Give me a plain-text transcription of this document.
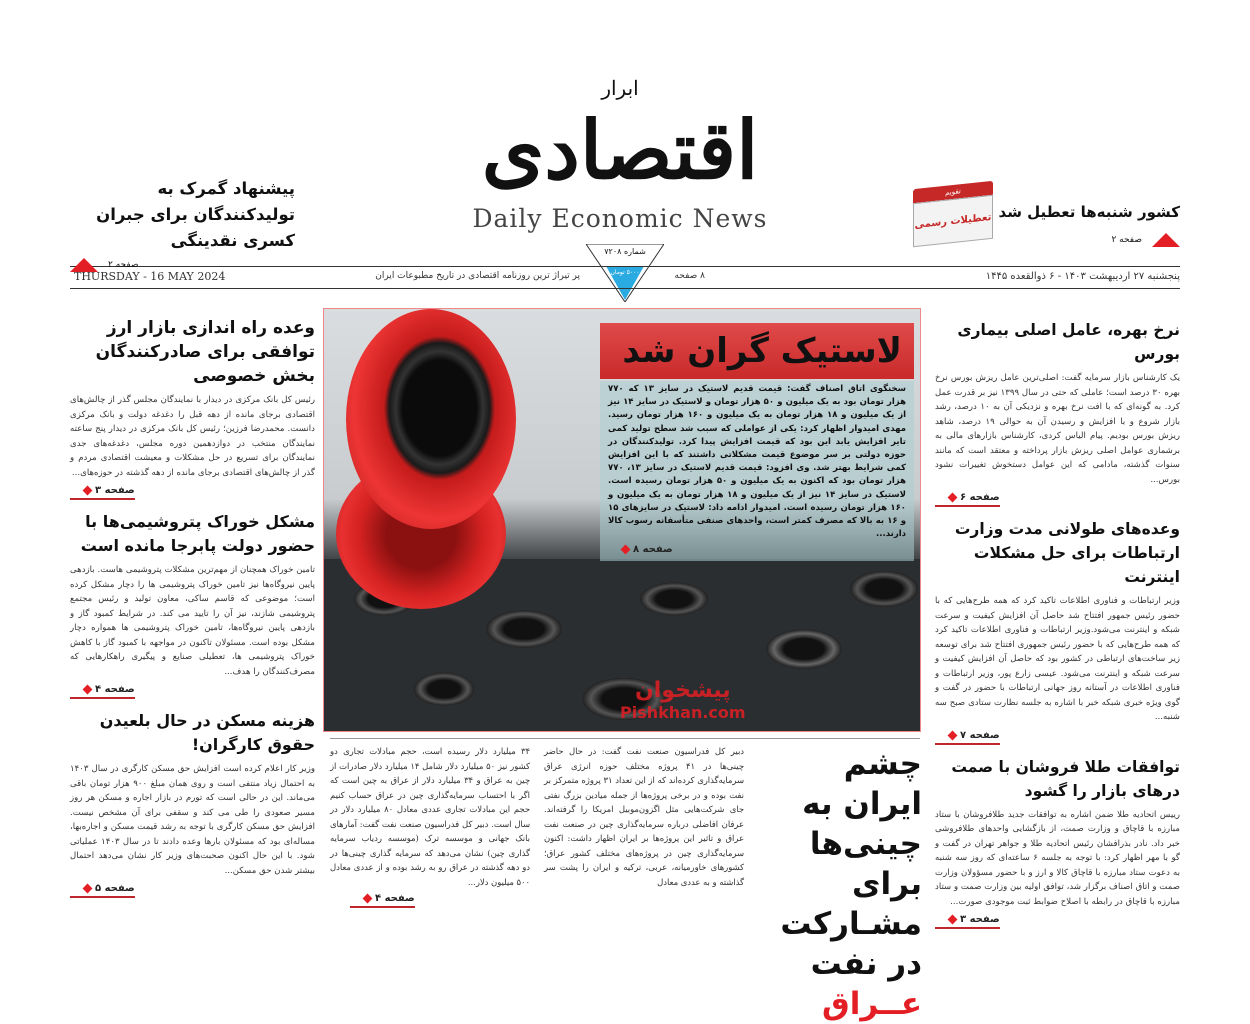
ابرار
اقتصادی
Daily Economic News
شماره ۷۲۰۸
۵۰۰۰ تومان
THURSDAY - 16 MAY 2024	پر تیراژ ترین روزنامه اقتصادی در تاریخ مطبوعات ایران	۸ صفحه	پنجشنبه ۲۷ اردیبهشت ۱۴۰۳ - ۶ ذوالقعده ۱۴۴۵
پیشنهاد گمرک به تولیدکنندگان برای جبران کسری نقدینگی
صفحه ۲
تقویم
تعطیلات رسمی کشور شنبه‌ها تعطیل شد
صفحه ۲
لاستیک گران شد
سخنگوی اتاق اصناف گفت: قیمت قدیم لاستیک در سایز ۱۳ که ۷۷۰ هزار تومان بود به یک میلیون و ۵۰ هزار تومان و لاستیک در سایز ۱۴ نیز از یک میلیون و ۱۸ هزار تومان به یک میلیون و ۱۶۰ هزار تومان رسید. مهدی امیدوار اظهار کرد: یکی از عواملی که سبب شد سطح تولید کمی تایر افزایش یابد این بود که قیمت افزایش پیدا کرد. تولیدکنندگان در حوزه دولتی بر سر موضوع قیمت مشکلاتی داشتند که با این افزایش کمی شرایط بهتر شد. وی افزود: قیمت قدیم لاستیک در سایز ۱۳، ۷۷۰ هزار تومان بود که اکنون به یک میلیون و ۵۰ هزار تومان رسیده است. لاستیک در سایز ۱۴ نیز از یک میلیون و ۱۸ هزار تومان به یک میلیون و ۱۶۰ هزار تومان رسیده است. امیدوار ادامه داد: لاستیک در سایزهای ۱۵ و ۱۶ به بالا که مصرف کمتر است، واحدهای صنفی متأسفانه رسوب کالا دارند...
صفحه ۸
پیشخوان
Pishkhan.com
وعده راه اندازی بازار ارز توافقی برای صادرکنندگان بخش خصوصی
رئیس کل بانک مرکزی در دیدار با نمایندگان مجلس گذر از چالش‌های اقتصادی برجای مانده از دهه قبل را دغدغه دولت و بانک مرکزی دانست. محمدرضا فرزین؛ رئیس کل بانک مرکزی در دیدار پنج ساعته نمایندگان منتخب در دوازدهمین دوره مجلس، دغدغه‌های جدی نمایندگان برای تسریع در حل مشکلات و معیشت اقتصادی مردم و گذر از چالش‌های اقتصادی برجای مانده از دهه گذشته در حوزه‌های...
صفحه ۳
مشکل خوراک پتروشیمی‌ها با حضور دولت پابرجا مانده است
تامین خوراک همچنان از مهم‌ترین مشکلات پتروشیمی هاست. بازدهی پایین نیروگاه‌ها نیز تامین خوراک پتروشیمی ها را دچار مشکل کرده است؛ موضوعی که قاسم ساکی، معاون تولید و رئیس مجتمع پتروشیمی شازند، نیز آن را تایید می کند. در شرایط کمبود گاز و بازدهی پایین نیروگاه‌ها، تامین خوراک پتروشیمی ها همواره دچار مشکل بوده است. مسئولان تاکنون در مواجهه با کمبود گاز با کاهش خوراک پتروشیمی ها، تعطیلی صنایع و پیگیری راهکارهایی که مصرف‌کنندگان را هدف...
صفحه ۴
هزینه مسکن در حال بلعیدن حقوق کارگران!
وزیر کار اعلام کرده است افزایش حق مسکن کارگری در سال ۱۴۰۳ به احتمال زیاد منتفی است و روی همان مبلغ ۹۰۰ هزار تومان باقی می‌ماند. این در حالی است که تورم در بازار اجاره و مسکن هر روز مسیر صعودی را طی می کند و سقفی برای آن مشخص نیست. افزایش حق مسکن کارگری با توجه به رشد قیمت مسکن و اجاره‌بها، مساله‌ای بود که مسئولان بارها وعده دادند تا در سال ۱۴۰۳ عملیاتی شود. با این حال اکنون صحبت‌های وزیر کار نشان می‌دهد احتمال بیشتر شدن حق مسکن...
صفحه ۵
نرخ بهره، عامل اصلی بیماری بورس
یک کارشناس بازار سرمایه گفت: اصلی‌ترین عامل ریزش بورس نرخ بهره ۳۰ درصد است؛ عاملی که حتی در سال ۱۳۹۹ نیز بر قدرت عمل کرد. به گونه‌ای که با افت نرخ بهره و نزدیکی آن به ۱۰ درصد، رشد بازار شروع و با افزایش و رسیدن آن به حوالی ۱۹ درصد، شاهد ریزش بورس بودیم. پیام الیاس کردی، کارشناس بازارهای مالی به برشماری عوامل اصلی ریزش بازار پرداخته و معتقد است که مانند سنوات گذشته، مادامی که این عوامل دستخوش تغییرات نشود بورس...
صفحه ۶
وعده‌های طولانی مدت وزارت ارتباطات برای حل مشکلات اینترنت
وزیر ارتباطات و فناوری اطلاعات تاکید کرد که همه طرح‌هایی که با حضور رئیس جمهور افتتاح شد حاصل آن افزایش کیفیت و سرعت شبکه و اینترنت می‌شود.وزیر ارتباطات و فناوری اطلاعات تاکید کرد که همه طرح‌هایی که با حضور رئیس جمهوری افتتاح شد برای توسعه زیر ساخت‌های ارتباطی در کشور بود که حاصل آن افزایش کیفیت و سرعت شبکه و اینترنت می‌شود. عیسی زارع پور، وزیر ارتباطات و فناوری اطلاعات در آستانه روز جهانی ارتباطات با حضور در گفت و گوی ویژه خبری شبکه خبر با اشاره به جلسه نظارت ستادی صبح سه شنبه...
صفحه ۷
توافقات طلا فروشان با صمت درهای بازار را گشود
رییس اتحادیه طلا ضمن اشاره به توافقات جدید طلافروشان با ستاد مبارزه با قاچاق و وزارت صمت، از بازگشایی واحدهای طلافروشی خبر داد. نادر بذرافشان رئیس اتحادیه طلا و جواهر تهران در گفت و گو با مهر اظهار کرد: با توجه به جلسه ۶ ساعته‌ای که روز سه شنبه به دعوت ستاد مبارزه با قاچاق کالا و ارز و با حضور مسؤولان وزارت صمت و اتاق اصناف برگزار شد، توافق اولیه بین وزارت صمت و ستاد مبارزه با قاچاق در رابطه با اصلاح ضوابط ثبت موجودی صورت...
صفحه ۳
چشم ایران به چینی‌ها برای مشـارکت در نفت عــراق
دبیر کل فدراسیون صنعت نفت گفت: در حال حاضر چینی‌ها در ۴۱ پروژه مختلف حوزه انرژی عراق سرمایه‌گذاری کرده‌اند که از این تعداد ۳۱ پروژه متمرکز بر نفت بوده و در برخی پروژه‌ها از جمله میادین بزرگ نفتی جای شرکت‌هایی مثل اگزون‌موبیل امریکا را گرفته‌اند. عرفان افاضلی درباره سرمایه‌گذاری چین در صنعت نفت عراق و تاثیر این پروژه‌ها بر ایران اظهار داشت: اکنون سرمایه‌گذاری چین در پروژه‌های مختلف کشور عراق؛ کشورهای خاورمیانه، عربی، ترکیه و ایران را پشت سر گذاشته و به عددی معادل
۳۴ میلیارد دلار رسیده است، حجم مبادلات تجاری دو کشور نیز ۵۰ میلیارد دلار شامل ۱۴ میلیارد دلار صادرات از چین به عراق و ۳۴ میلیارد دلار از عراق به چین است که اگر با احتساب سرمایه‌گذاری چین در عراق حساب کنیم حجم این مبادلات تجاری عددی معادل ۸۰ میلیارد دلار در سال است. دبیر کل فدراسیون صنعت نفت گفت: آمارهای بانک جهانی و موسسه ترک (موسسه ردیاب سرمایه گذاری چین) نشان می‌دهد که سرمایه گذاری چینی‌ها در دو دهه گذشته در عراق رو به رشد بوده و از عددی معادل ۵۰۰ میلیون دلار...
صفحه ۴
